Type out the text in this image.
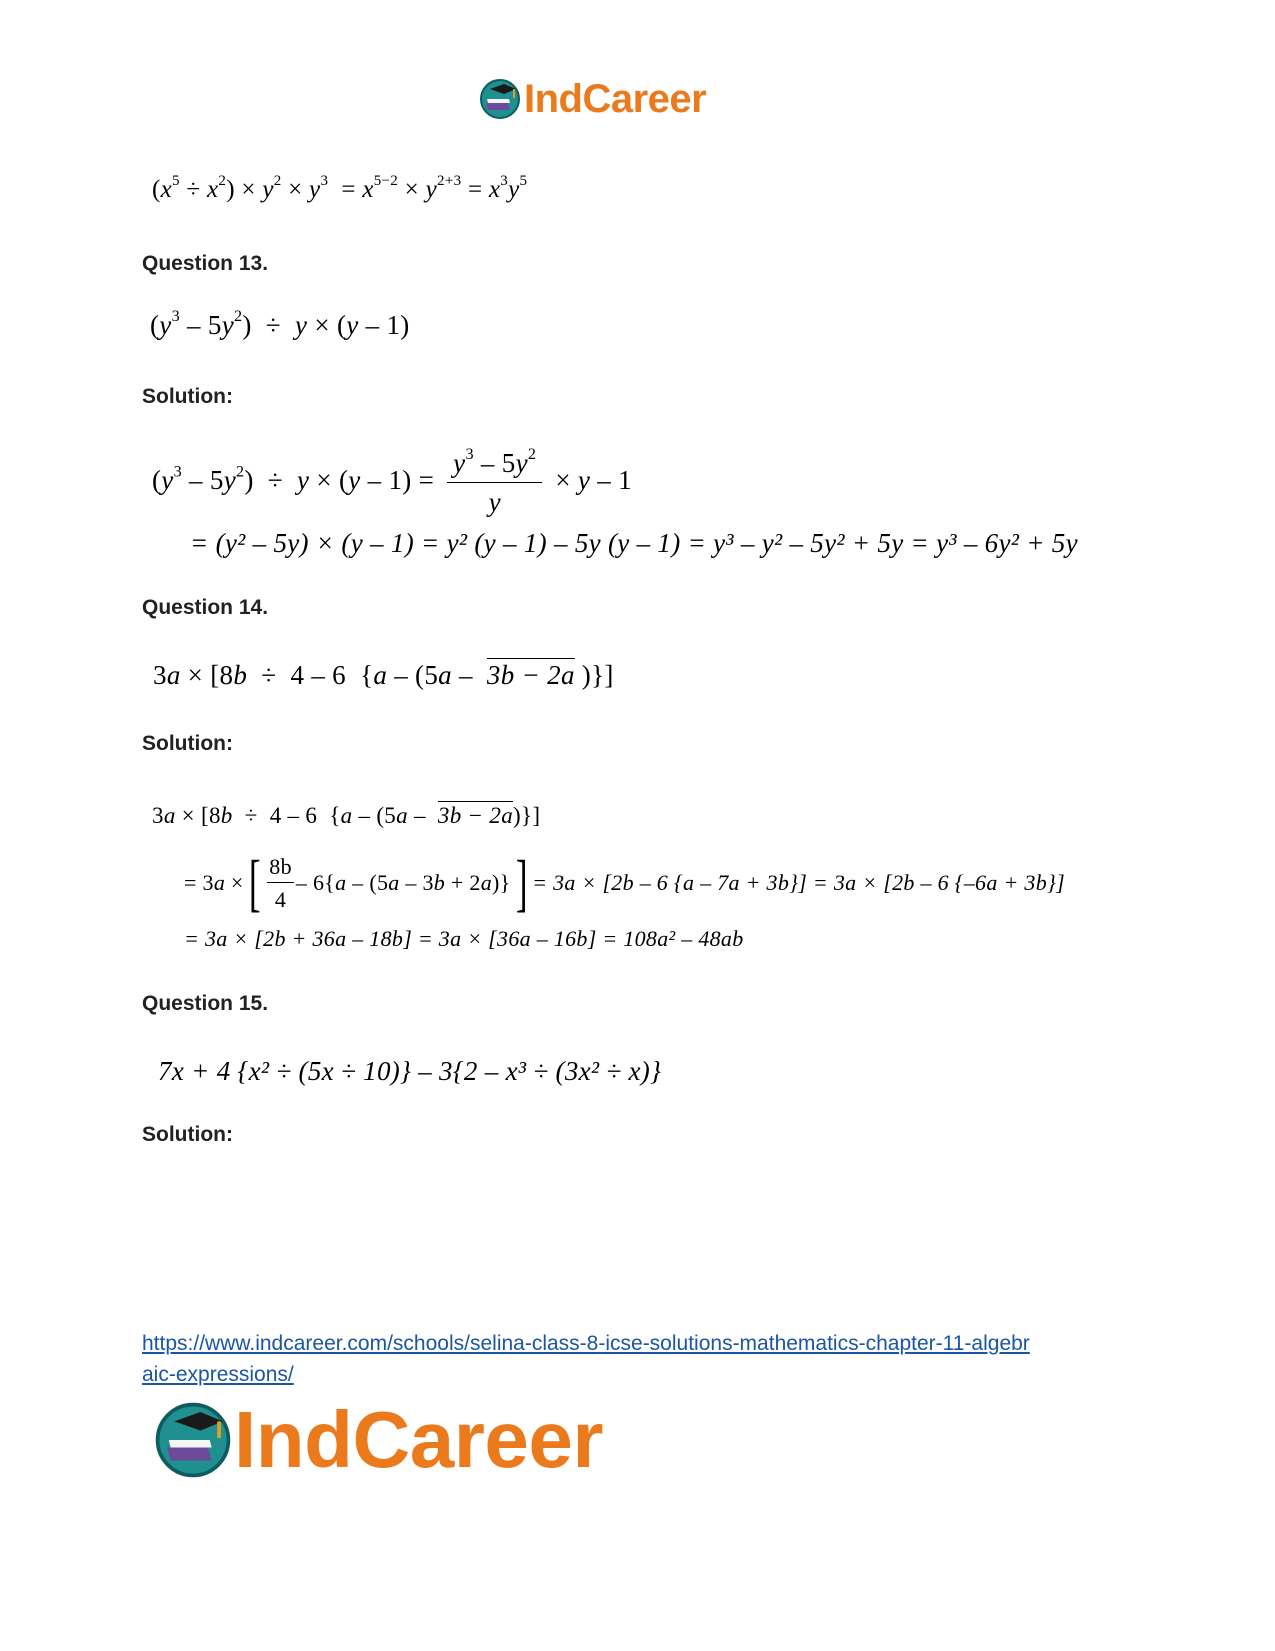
IndCareer
$(x^5 \div x^2) \times y^2 \times y^3 = x^{5-2} \times y^{2+3} = x^3y^5$
Question 13.
$(y^3 - 5y^2) \div y \times (y - 1)$
Solution:
$(y^3 - 5y^2) \div y \times (y - 1) = \frac{y^3 - 5y^2}{y} \times y - 1$
= (y² – 5y) × (y – 1) = y² (y – 1) – 5y (y – 1) = y³ – y² – 5y² + 5y = y³ – 6y² + 5y
Question 14.
3a × [8b  ÷  4 – 6  {a – (5a –  3b − 2a )}]
Solution:
3a × [8b  ÷  4 – 6  {a – (5a –  3b − 2a)}]
= 3a × [ $\frac{8b}{4} - 6\{a - (5a - 3b + 2a)\}$ ] = 3a × [2b – 6 {a – 7a + 3b}] = 3a × [2b – 6 {–6a + 3b}]
= 3a × [2b + 36a – 18b] = 3a × [36a – 16b] = 108a² – 48ab
Question 15.
7x + 4 {x² ÷ (5x ÷ 10)} – 3{2 – x³ ÷ (3x² ÷ x)}
Solution:
https://www.indcareer.com/schools/selina-class-8-icse-solutions-mathematics-chapter-11-algebr
aic-expressions/
IndCareer
